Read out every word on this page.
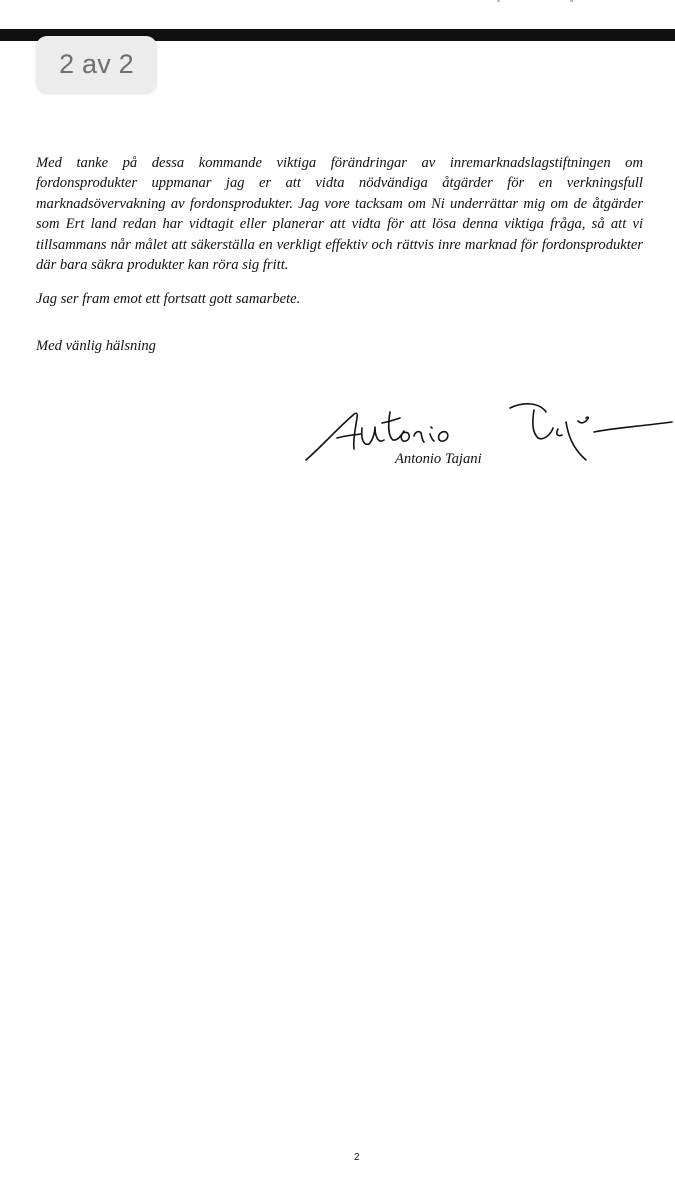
2 av 2

Med tanke på dessa kommande viktiga förändringar av inremarknadslagstiftningen om fordonsprodukter uppmanar jag er att vidta nödvändiga åtgärder för en verkningsfull marknadsövervakning av fordonsprodukter. Jag vore tacksam om Ni underrättar mig om de åtgärder som Ert land redan har vidtagit eller planerar att vidta för att lösa denna viktiga fråga, så att vi tillsammans når målet att säkerställa en verkligt effektiv och rättvis inre marknad för fordonsprodukter där bara säkra produkter kan röra sig fritt.

Jag ser fram emot ett fortsatt gott samarbete.

Med vänlig hälsning

Antonio Tajani
2
